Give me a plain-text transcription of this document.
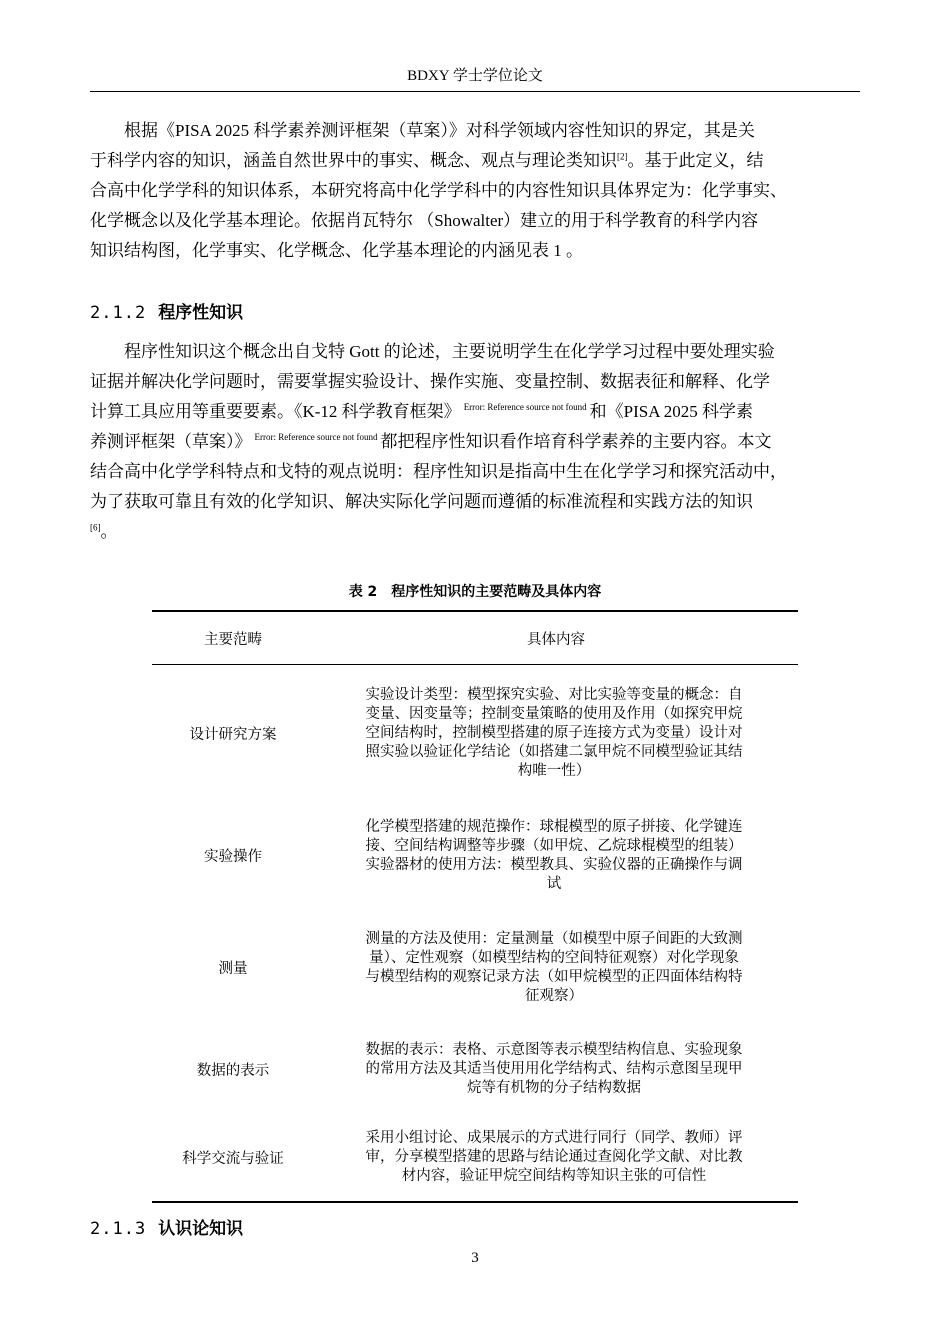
BDXY 学士学位论文
根据《PISA 2025 科学素养测评框架（草案）》对科学领域内容性知识的界定，其是关
于科学内容的知识，涵盖自然世界中的事实、概念、观点与理论类知识[2]。基于此定义，结
合高中化学学科的知识体系，本研究将高中化学学科中的内容性知识具体界定为：化学事实、
化学概念以及化学基本理论。依据肖瓦特尔 （Showalter）建立的用于科学教育的科学内容
知识结构图，化学事实、化学概念、化学基本理论的内涵见表 1 。
2.1.2 程序性知识
程序性知识这个概念出自戈特 Gott 的论述，主要说明学生在化学学习过程中要处理实验
证据并解决化学问题时，需要掌握实验设计、操作实施、变量控制、数据表征和解释、化学
计算工具应用等重要要素。《K-12 科学教育框架》 $^{Error: Reference source not found}$ 和《PISA 2025 科学素
养测评框架（草案）》 $^{Error: Reference source not found}$ 都把程序性知识看作培育科学素养的主要内容。本文
结合高中化学学科特点和戈特的观点说明：程序性知识是指高中生在化学学习和探究活动中，
为了获取可靠且有效的化学知识、解决实际化学问题而遵循的标准流程和实践方法的知识
[6]。
表 2　程序性知识的主要范畴及具体内容
主要范畴	具体内容
设计研究方案	实验设计类型：模型探究实验、对比实验等变量的概念：自
变量、因变量等；控制变量策略的使用及作用（如探究甲烷
空间结构时，控制模型搭建的原子连接方式为变量）设计对
照实验以验证化学结论（如搭建二氯甲烷不同模型验证其结
构唯一性）

实验操作	化学模型搭建的规范操作：球棍模型的原子拼接、化学键连
接、空间结构调整等步骤（如甲烷、乙烷球棍模型的组装）
实验器材的使用方法：模型教具、实验仪器的正确操作与调
试

测量	测量的方法及使用：定量测量（如模型中原子间距的大致测
量）、定性观察（如模型结构的空间特征观察）对化学现象
与模型结构的观察记录方法（如甲烷模型的正四面体结构特
征观察）

数据的表示	数据的表示：表格、示意图等表示模型结构信息、实验现象
的常用方法及其适当使用用化学结构式、结构示意图呈现甲
烷等有机物的分子结构数据

科学交流与验证	采用小组讨论、成果展示的方式进行同行（同学、教师）评
审，分享模型搭建的思路与结论通过查阅化学文献、对比教
材内容，验证甲烷空间结构等知识主张的可信性
2.1.3 认识论知识
3
